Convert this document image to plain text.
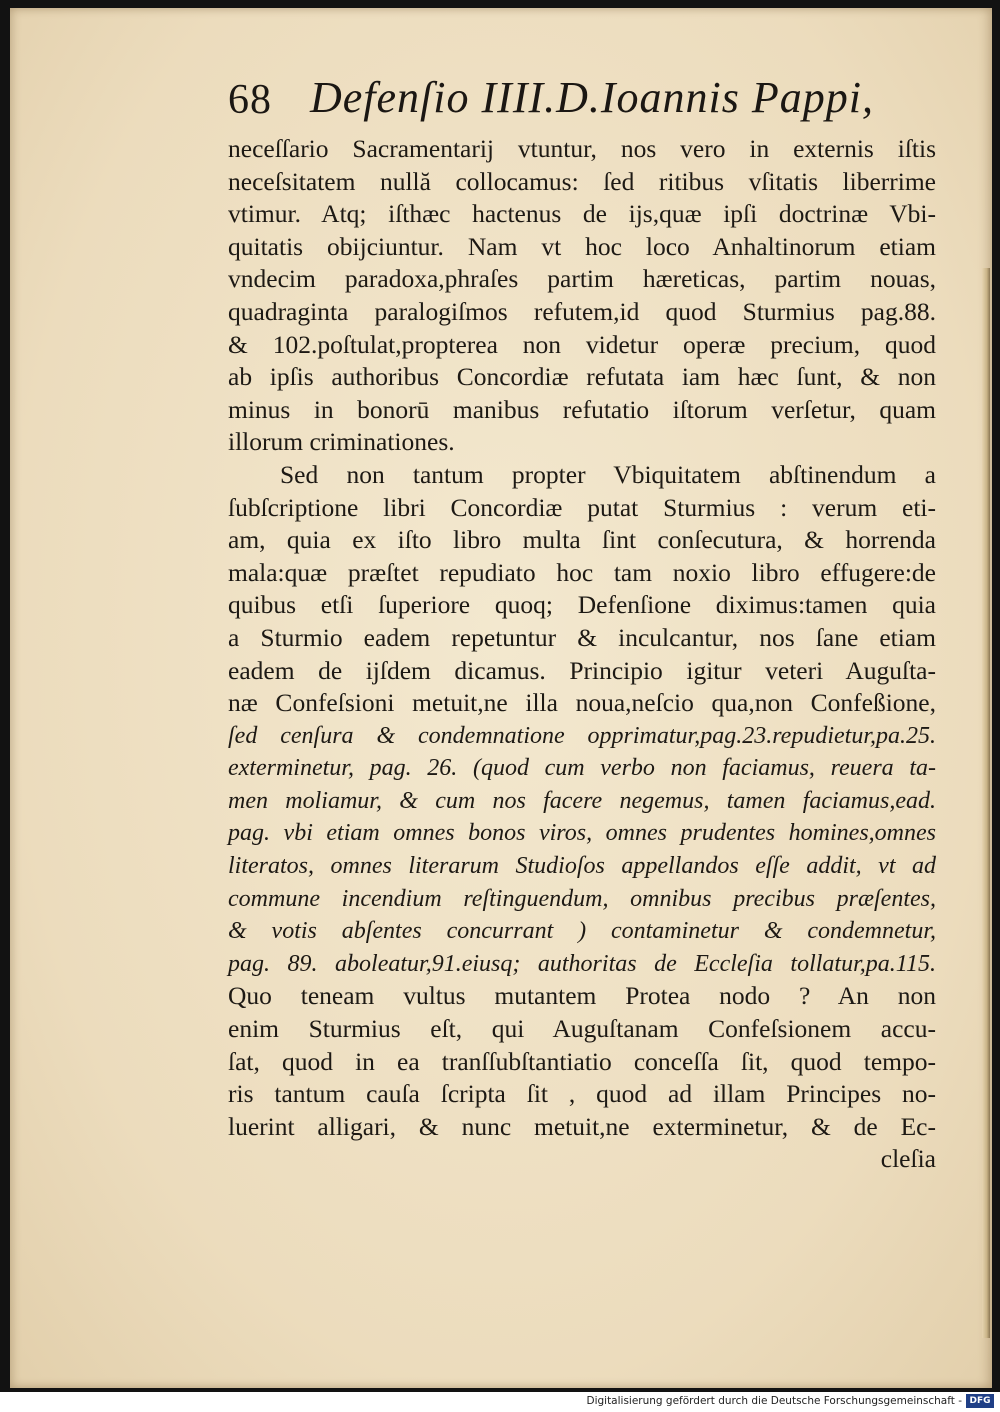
68 Defenſio IIII.D.Ioannis Pappi,
neceſſario Sacramentarij vtuntur, nos vero in externis iſtis
neceſsitatem nullă collocamus: ſed ritibus vſitatis liberrime
vtimur. Atq; iſthæc hactenus de ijs,quæ ipſi doctrinæ Vbi-
quitatis obijciuntur. Nam vt hoc loco Anhaltinorum etiam
vndecim paradoxa,phraſes partim hæreticas, partim nouas,
quadraginta paralogiſmos refutem,id quod Sturmius pag.88.
& 102.poſtulat,propterea non videtur operæ precium, quod
ab ipſis authoribus Concordiæ refutata iam hæc ſunt, & non
minus in bonorū manibus refutatio iſtorum verſetur, quam
illorum criminationes.
Sed non tantum propter Vbiquitatem abſtinendum a
ſubſcriptione libri Concordiæ putat Sturmius : verum eti-
am, quia ex iſto libro multa ſint conſecutura, & horrenda
mala:quæ præſtet repudiato hoc tam noxio libro effugere:de
quibus etſi ſuperiore quoq; Defenſione diximus:tamen quia
a Sturmio eadem repetuntur & inculcantur, nos ſane etiam
eadem de ijſdem dicamus. Principio igitur veteri Auguſta-
næ Confeſsioni metuit,ne illa noua,neſcio qua,non Confeßione,
ſed cenſura & condemnatione opprimatur,pag.23.repudietur,pa.25.
exterminetur, pag. 26. (quod cum verbo non faciamus, reuera ta-
men moliamur, & cum nos facere negemus, tamen faciamus,ead.
pag. vbi etiam omnes bonos viros, omnes prudentes homines,omnes
literatos, omnes literarum Studioſos appellandos eſſe addit, vt ad
commune incendium reſtinguendum, omnibus precibus præſentes,
& votis abſentes concurrant ) contaminetur & condemnetur,
pag. 89. aboleatur,91.eiusq; authoritas de Eccleſia tollatur,pa.115.
Quo teneam vultus mutantem Protea nodo ? An non
enim Sturmius eſt, qui Auguſtanam Confeſsionem accu-
ſat, quod in ea tranſſubſtantiatio conceſſa ſit, quod tempo-
ris tantum cauſa ſcripta ſit , quod ad illam Principes no-
luerint alligari, & nunc metuit,ne exterminetur, & de Ec-
cleſia
Digitalisierung gefördert durch die Deutsche Forschungsgemeinschaft - DFG
